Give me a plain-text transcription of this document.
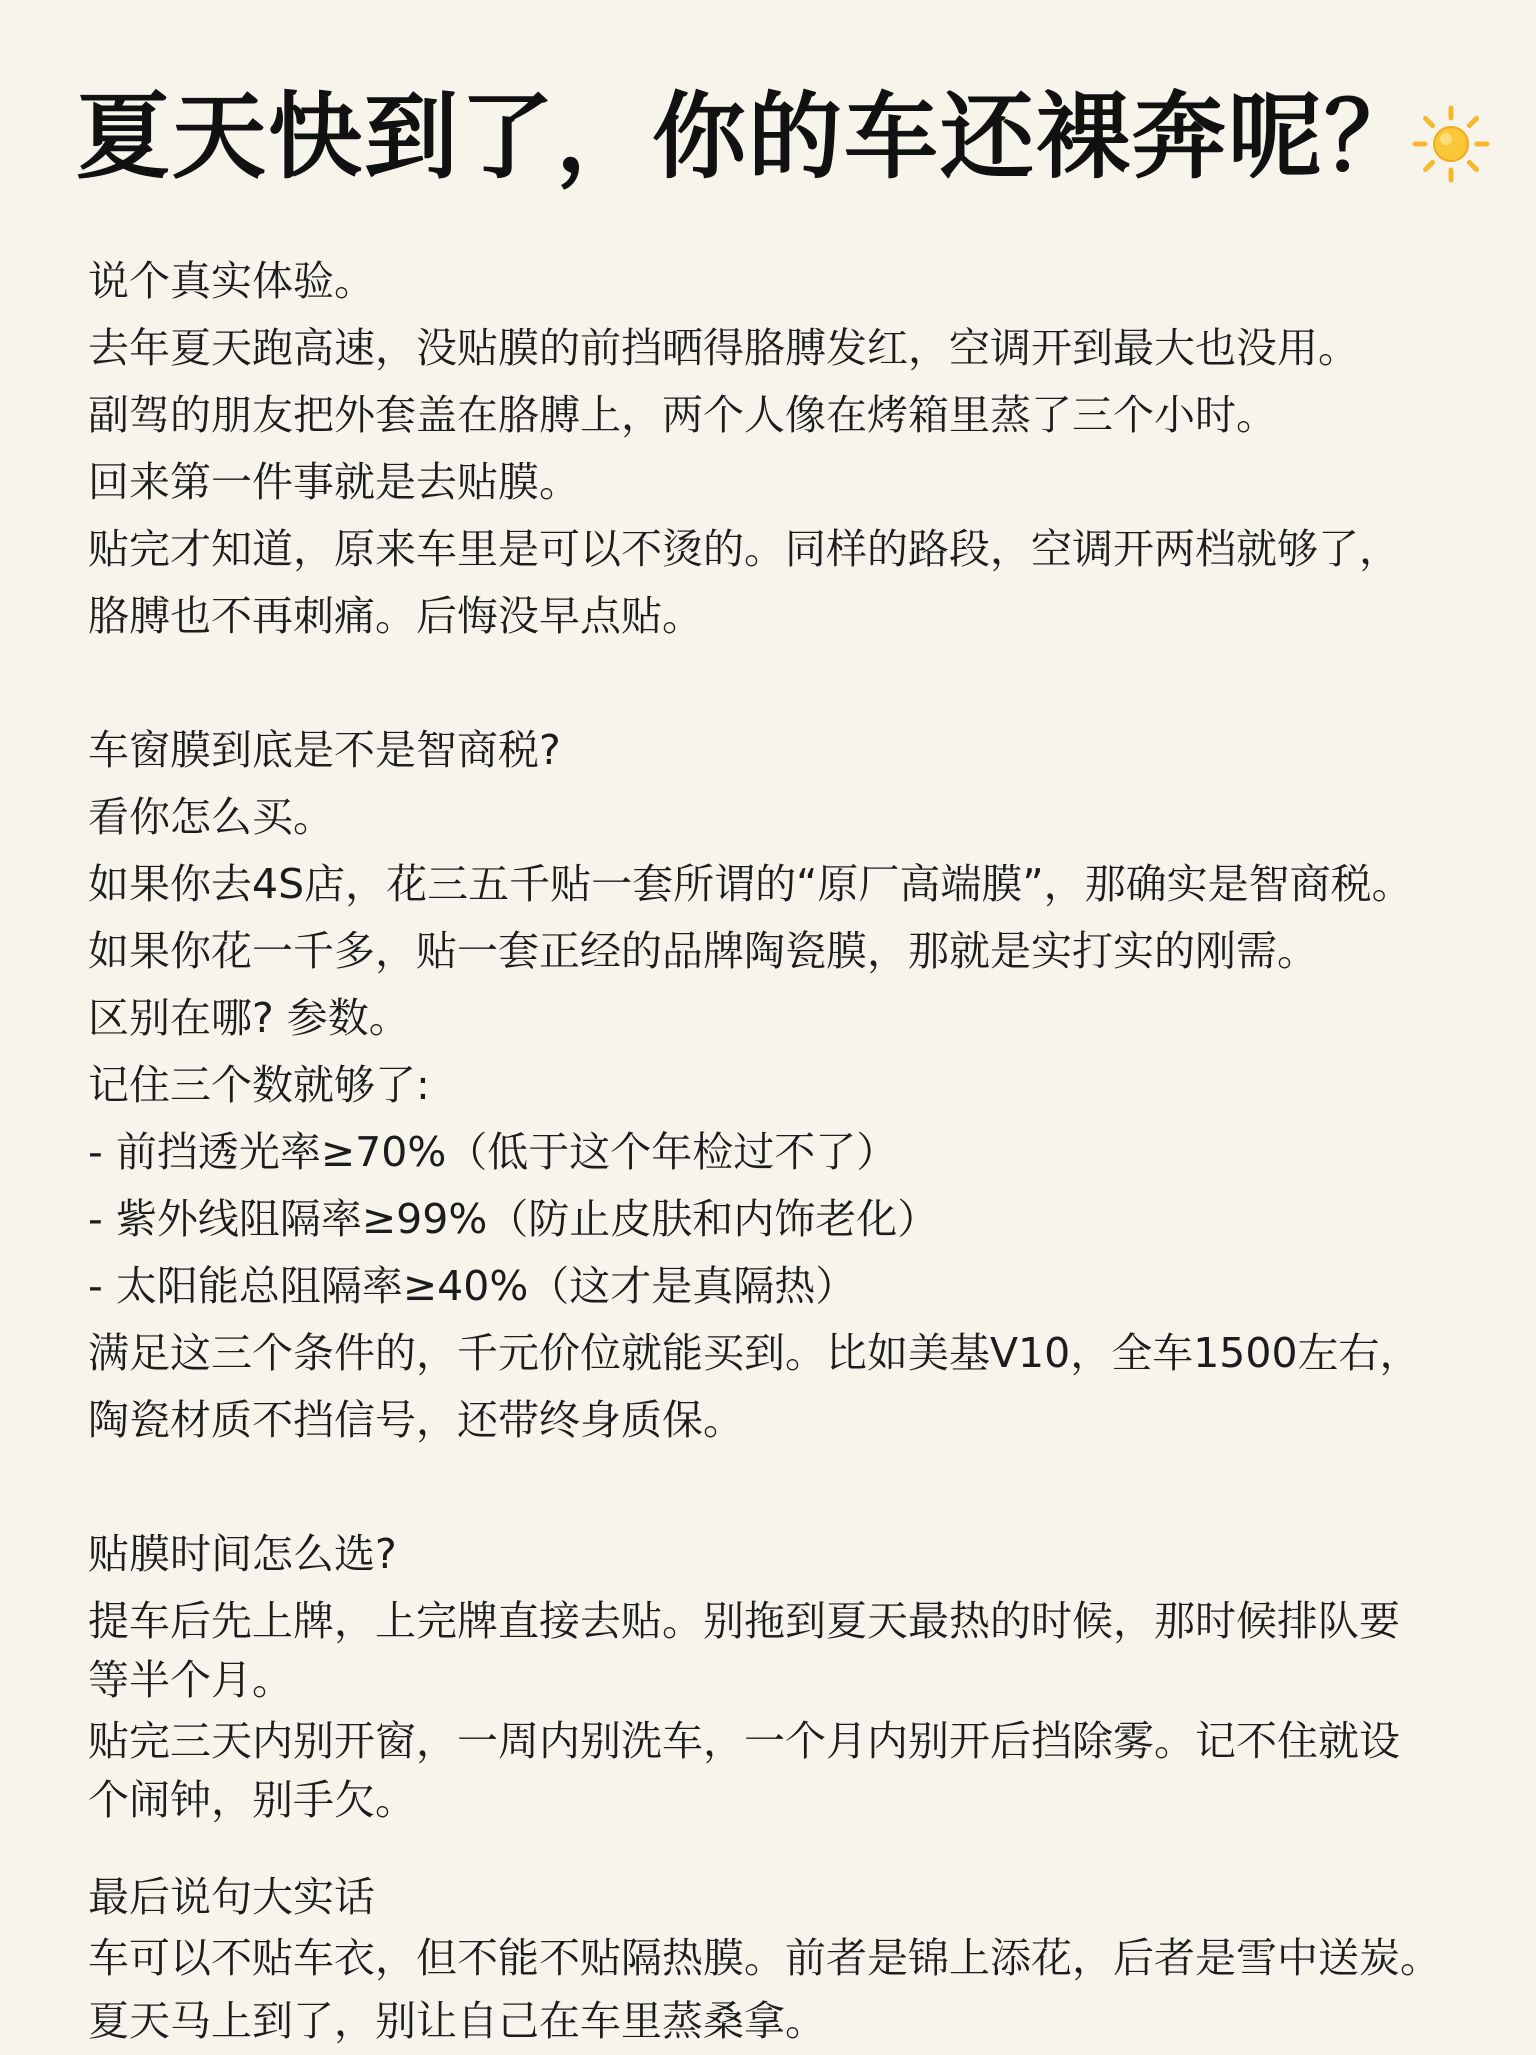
夏天快到了，你的车还裸奔呢？
说个真实体验。
去年夏天跑高速，没贴膜的前挡晒得胳膊发红，空调开到最大也没用。
副驾的朋友把外套盖在胳膊上，两个人像在烤箱里蒸了三个小时。
回来第一件事就是去贴膜。
贴完才知道，原来车里是可以不烫的。同样的路段，空调开两档就够了，
胳膊也不再刺痛。后悔没早点贴。
车窗膜到底是不是智商税?
看你怎么买。
如果你去4S店，花三五千贴一套所谓的“原厂高端膜”，那确实是智商税。
如果你花一千多，贴一套正经的品牌陶瓷膜，那就是实打实的刚需。
区别在哪? 参数。
记住三个数就够了:
- 前挡透光率≥70%（低于这个年检过不了）
- 紫外线阻隔率≥99%（防止皮肤和内饰老化）
- 太阳能总阻隔率≥40%（这才是真隔热）
满足这三个条件的，千元价位就能买到。比如美基V10，全车1500左右，
陶瓷材质不挡信号，还带终身质保。
贴膜时间怎么选?
提车后先上牌，上完牌直接去贴。别拖到夏天最热的时候，那时候排队要
等半个月。
贴完三天内别开窗，一周内别洗车，一个月内别开后挡除雾。记不住就设
个闹钟，别手欠。
最后说句大实话
车可以不贴车衣，但不能不贴隔热膜。前者是锦上添花，后者是雪中送炭。
夏天马上到了，别让自己在车里蒸桑拿。
